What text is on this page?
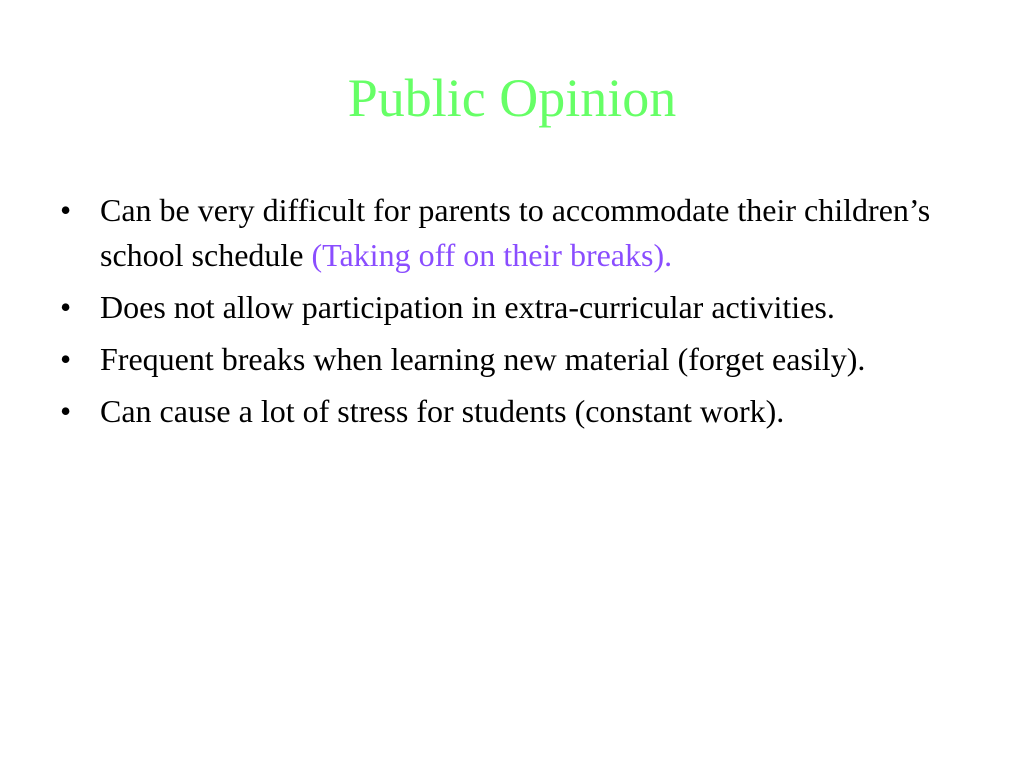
Public Opinion
• Can be very difficult for parents to accommodate their children’s school schedule (Taking off on their breaks).
• Does not allow participation in extra-curricular activities.
• Frequent breaks when learning new material (forget easily).
• Can cause a lot of stress for students (constant work).
